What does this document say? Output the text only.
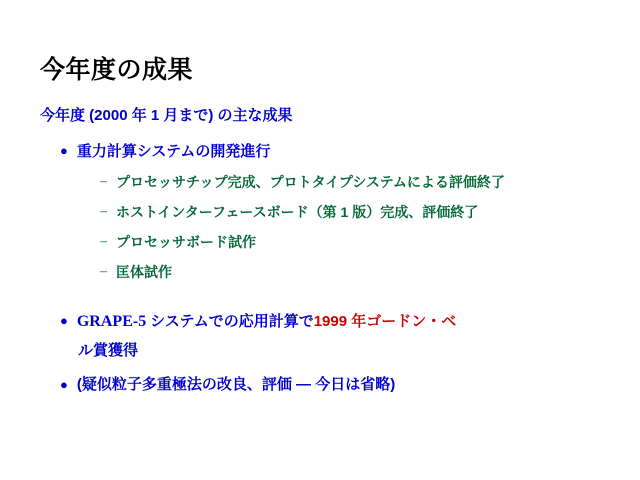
今年度の成果
今年度 (2000 年 1 月まで) の主な成果
● 重力計算システムの開発進行
– プロセッサチップ完成、プロトタイプシステムによる評価終了
– ホストインターフェースボード（第 1 版）完成、評価終了
– プロセッサボード試作
– 匡体試作
● GRAPE-5 システムでの応用計算で1999 年ゴードン・ベ
ル賞獲得
● (疑似粒子多重極法の改良、評価 — 今日は省略)
